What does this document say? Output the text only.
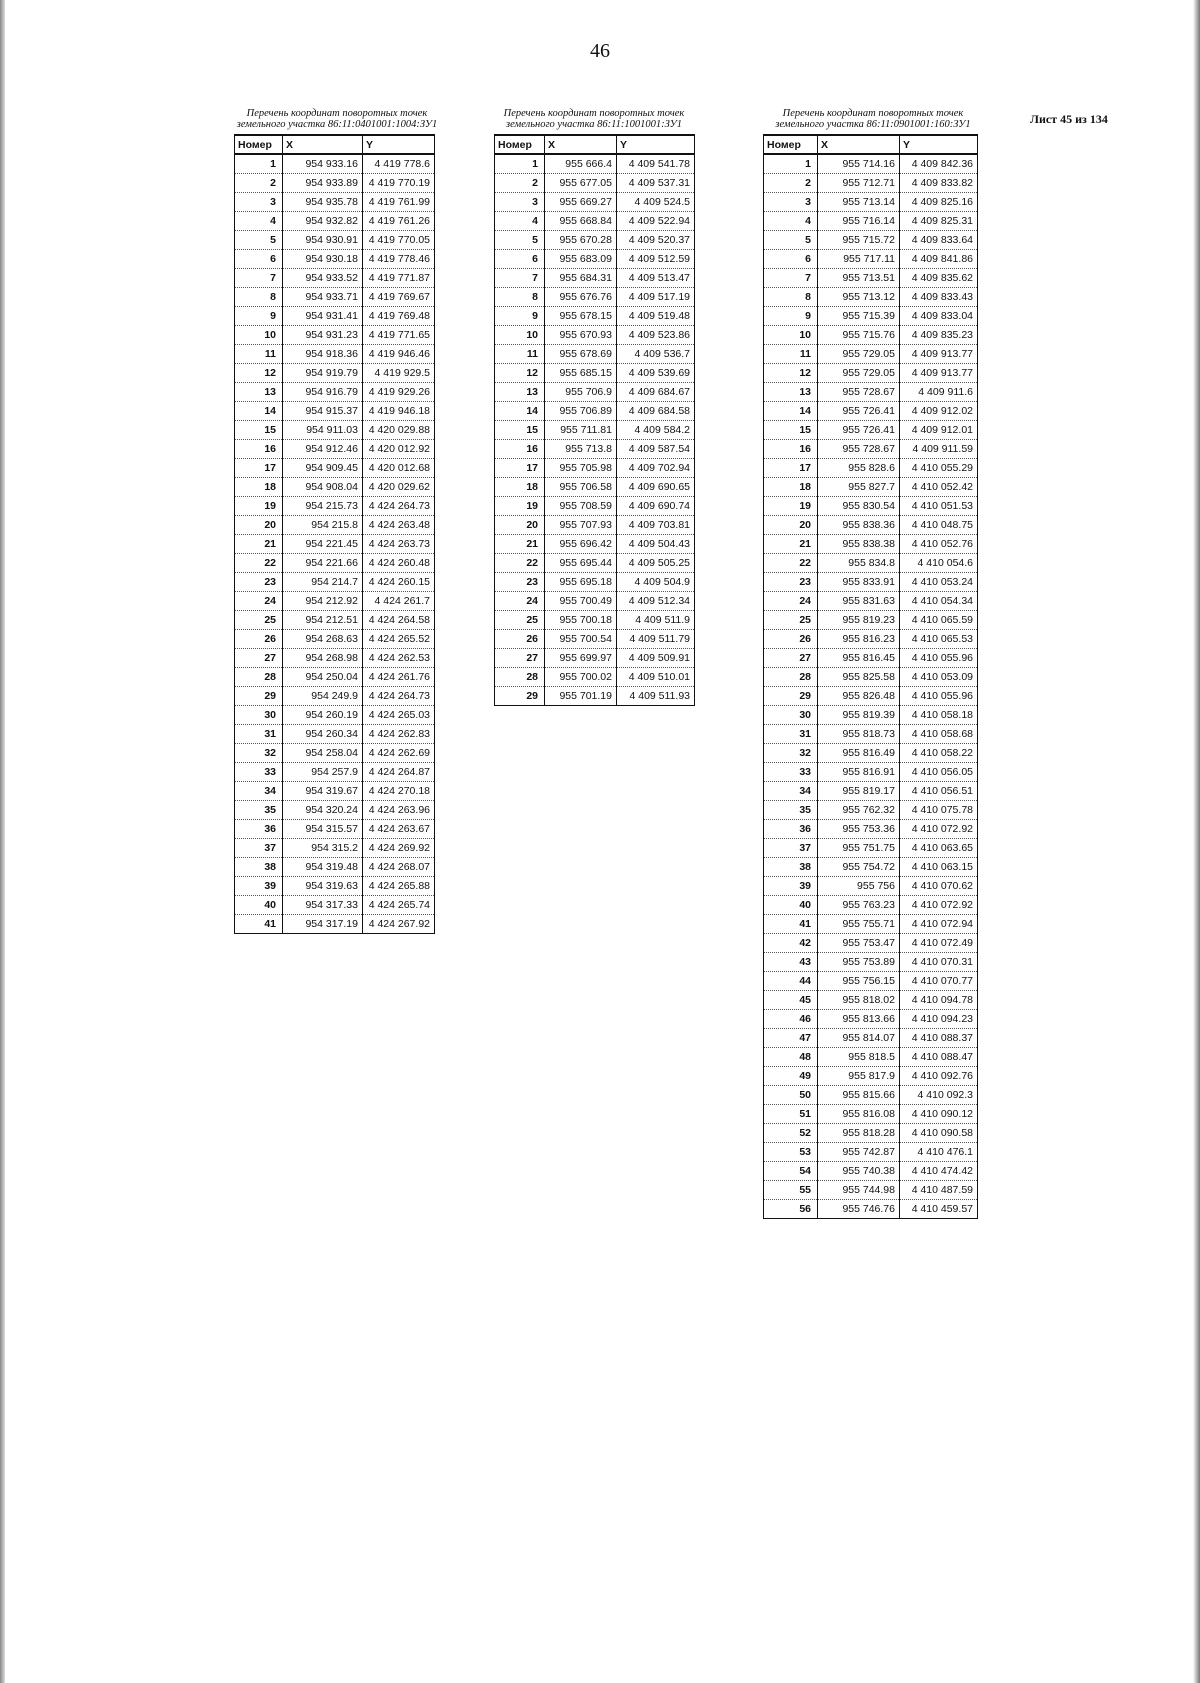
46
Лист 45 из 134
Перечень координат поворотных точек
земельного участка 86:11:0401001:1004:ЗУ1
Номер	X	Y
1	954 933.16	4 419 778.6
2	954 933.89	4 419 770.19
3	954 935.78	4 419 761.99
4	954 932.82	4 419 761.26
5	954 930.91	4 419 770.05
6	954 930.18	4 419 778.46
7	954 933.52	4 419 771.87
8	954 933.71	4 419 769.67
9	954 931.41	4 419 769.48
10	954 931.23	4 419 771.65
11	954 918.36	4 419 946.46
12	954 919.79	4 419 929.5
13	954 916.79	4 419 929.26
14	954 915.37	4 419 946.18
15	954 911.03	4 420 029.88
16	954 912.46	4 420 012.92
17	954 909.45	4 420 012.68
18	954 908.04	4 420 029.62
19	954 215.73	4 424 264.73
20	954 215.8	4 424 263.48
21	954 221.45	4 424 263.73
22	954 221.66	4 424 260.48
23	954 214.7	4 424 260.15
24	954 212.92	4 424 261.7
25	954 212.51	4 424 264.58
26	954 268.63	4 424 265.52
27	954 268.98	4 424 262.53
28	954 250.04	4 424 261.76
29	954 249.9	4 424 264.73
30	954 260.19	4 424 265.03
31	954 260.34	4 424 262.83
32	954 258.04	4 424 262.69
33	954 257.9	4 424 264.87
34	954 319.67	4 424 270.18
35	954 320.24	4 424 263.96
36	954 315.57	4 424 263.67
37	954 315.2	4 424 269.92
38	954 319.48	4 424 268.07
39	954 319.63	4 424 265.88
40	954 317.33	4 424 265.74
41	954 317.19	4 424 267.92
Перечень координат поворотных точек
земельного участка 86:11:1001001:ЗУ1
Номер	X	Y
1	955 666.4	4 409 541.78
2	955 677.05	4 409 537.31
3	955 669.27	4 409 524.5
4	955 668.84	4 409 522.94
5	955 670.28	4 409 520.37
6	955 683.09	4 409 512.59
7	955 684.31	4 409 513.47
8	955 676.76	4 409 517.19
9	955 678.15	4 409 519.48
10	955 670.93	4 409 523.86
11	955 678.69	4 409 536.7
12	955 685.15	4 409 539.69
13	955 706.9	4 409 684.67
14	955 706.89	4 409 684.58
15	955 711.81	4 409 584.2
16	955 713.8	4 409 587.54
17	955 705.98	4 409 702.94
18	955 706.58	4 409 690.65
19	955 708.59	4 409 690.74
20	955 707.93	4 409 703.81
21	955 696.42	4 409 504.43
22	955 695.44	4 409 505.25
23	955 695.18	4 409 504.9
24	955 700.49	4 409 512.34
25	955 700.18	4 409 511.9
26	955 700.54	4 409 511.79
27	955 699.97	4 409 509.91
28	955 700.02	4 409 510.01
29	955 701.19	4 409 511.93
Перечень координат поворотных точек
земельного участка 86:11:0901001:160:ЗУ1
Номер	X	Y
1	955 714.16	4 409 842.36
2	955 712.71	4 409 833.82
3	955 713.14	4 409 825.16
4	955 716.14	4 409 825.31
5	955 715.72	4 409 833.64
6	955 717.11	4 409 841.86
7	955 713.51	4 409 835.62
8	955 713.12	4 409 833.43
9	955 715.39	4 409 833.04
10	955 715.76	4 409 835.23
11	955 729.05	4 409 913.77
12	955 729.05	4 409 913.77
13	955 728.67	4 409 911.6
14	955 726.41	4 409 912.02
15	955 726.41	4 409 912.01
16	955 728.67	4 409 911.59
17	955 828.6	4 410 055.29
18	955 827.7	4 410 052.42
19	955 830.54	4 410 051.53
20	955 838.36	4 410 048.75
21	955 838.38	4 410 052.76
22	955 834.8	4 410 054.6
23	955 833.91	4 410 053.24
24	955 831.63	4 410 054.34
25	955 819.23	4 410 065.59
26	955 816.23	4 410 065.53
27	955 816.45	4 410 055.96
28	955 825.58	4 410 053.09
29	955 826.48	4 410 055.96
30	955 819.39	4 410 058.18
31	955 818.73	4 410 058.68
32	955 816.49	4 410 058.22
33	955 816.91	4 410 056.05
34	955 819.17	4 410 056.51
35	955 762.32	4 410 075.78
36	955 753.36	4 410 072.92
37	955 751.75	4 410 063.65
38	955 754.72	4 410 063.15
39	955 756	4 410 070.62
40	955 763.23	4 410 072.92
41	955 755.71	4 410 072.94
42	955 753.47	4 410 072.49
43	955 753.89	4 410 070.31
44	955 756.15	4 410 070.77
45	955 818.02	4 410 094.78
46	955 813.66	4 410 094.23
47	955 814.07	4 410 088.37
48	955 818.5	4 410 088.47
49	955 817.9	4 410 092.76
50	955 815.66	4 410 092.3
51	955 816.08	4 410 090.12
52	955 818.28	4 410 090.58
53	955 742.87	4 410 476.1
54	955 740.38	4 410 474.42
55	955 744.98	4 410 487.59
56	955 746.76	4 410 459.57
